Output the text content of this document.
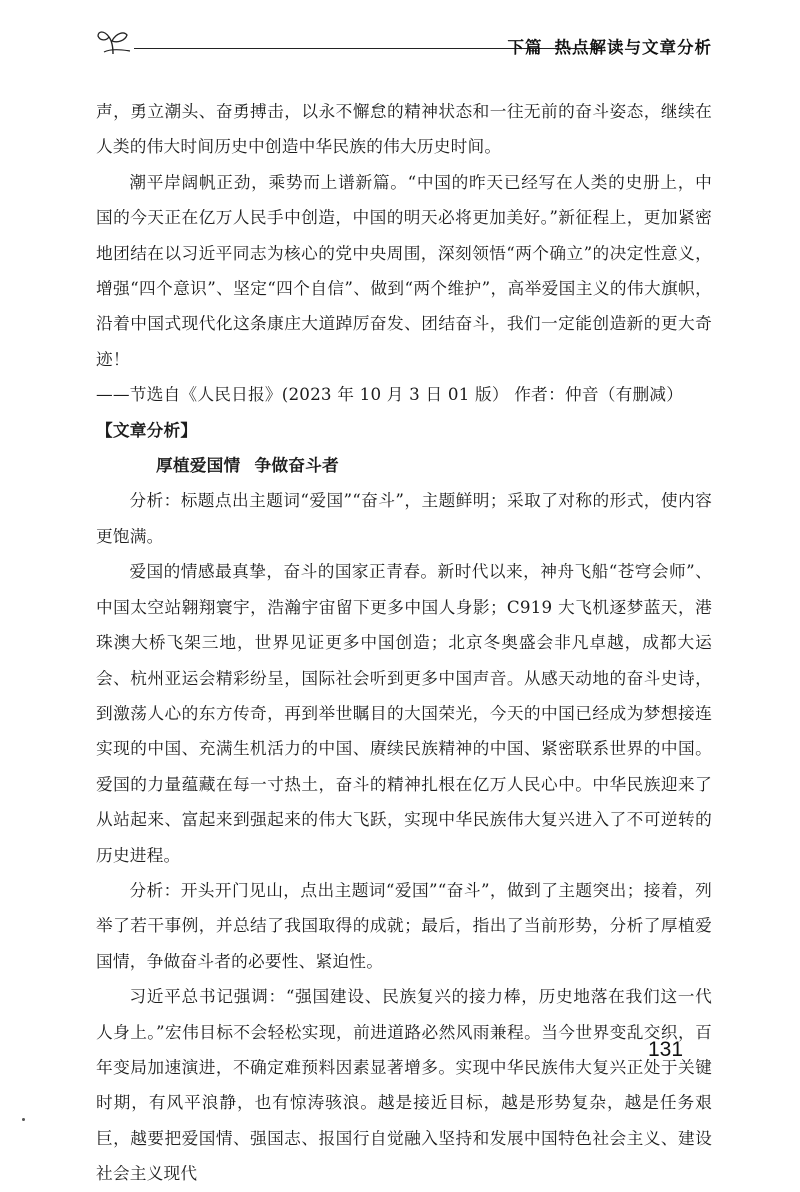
下篇 热点解读与文章分析

声，勇立潮头、奋勇搏击，以永不懈怠的精神状态和一往无前的奋斗姿态，继续在人类的伟大时间历史中创造中华民族的伟大历史时间。

潮平岸阔帆正劲，乘势而上谱新篇。“中国的昨天已经写在人类的史册上，中国的今天正在亿万人民手中创造，中国的明天必将更加美好。”新征程上，更加紧密地团结在以习近平同志为核心的党中央周围，深刻领悟“两个确立”的决定性意义，增强“四个意识”、坚定“四个自信”、做到“两个维护”，高举爱国主义的伟大旗帜，沿着中国式现代化这条康庄大道踔厉奋发、团结奋斗，我们一定能创造新的更大奇迹！

——节选自《人民日报》(2023 年 10 月 3 日 01 版） 作者：仲音（有删减）

【文章分析】

厚植爱国情 争做奋斗者

分析：标题点出主题词“爱国”“奋斗”，主题鲜明；采取了对称的形式，使内容更饱满。

爱国的情感最真挚，奋斗的国家正青春。新时代以来，神舟飞船“苍穹会师”、中国太空站翱翔寰宇，浩瀚宇宙留下更多中国人身影；C919 大飞机逐梦蓝天，港珠澳大桥飞架三地，世界见证更多中国创造；北京冬奥盛会非凡卓越，成都大运会、杭州亚运会精彩纷呈，国际社会听到更多中国声音。从感天动地的奋斗史诗，到激荡人心的东方传奇，再到举世瞩目的大国荣光，今天的中国已经成为梦想接连实现的中国、充满生机活力的中国、赓续民族精神的中国、紧密联系世界的中国。爱国的力量蕴藏在每一寸热土，奋斗的精神扎根在亿万人民心中。中华民族迎来了从站起来、富起来到强起来的伟大飞跃，实现中华民族伟大复兴进入了不可逆转的历史进程。

分析：开头开门见山，点出主题词“爱国”“奋斗”，做到了主题突出；接着，列举了若干事例，并总结了我国取得的成就；最后，指出了当前形势，分析了厚植爱国情，争做奋斗者的必要性、紧迫性。

习近平总书记强调：“强国建设、民族复兴的接力棒，历史地落在我们这一代人身上。”宏伟目标不会轻松实现，前进道路必然风雨兼程。当今世界变乱交织，百年变局加速演进，不确定难预料因素显著增多。实现中华民族伟大复兴正处于关键时期，有风平浪静，也有惊涛骇浪。越是接近目标，越是形势复杂，越是任务艰巨，越要把爱国情、强国志、报国行自觉融入坚持和发展中国特色社会主义、建设社会主义现代

131
